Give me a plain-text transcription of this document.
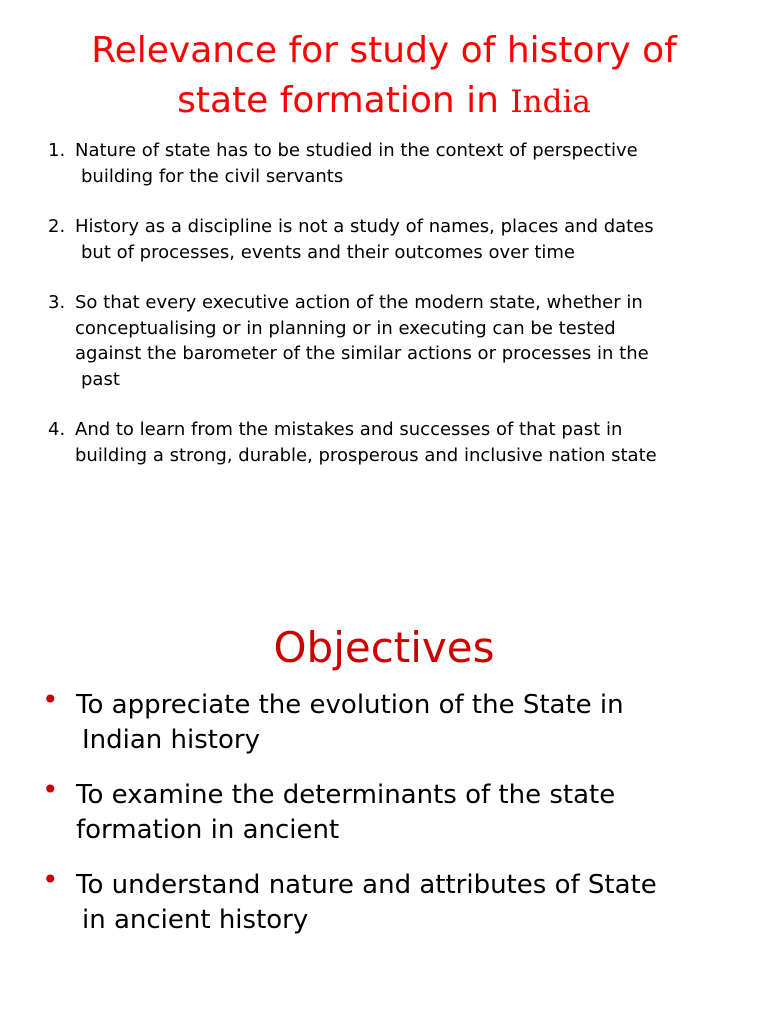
Relevance for study of history of
state formation in India
1. Nature of state has to be studied in the context of perspective
building for the civil servants
2. History as a discipline is not a study of names, places and dates
but of processes, events and their outcomes over time
3. So that every executive action of the modern state, whether in
conceptualising or in planning or in executing can be tested
against the barometer of the similar actions or processes in the
past
4. And to learn from the mistakes and successes of that past in
building a strong, durable, prosperous and inclusive nation state
Objectives
• To appreciate the evolution of the State in
Indian history
• To examine the determinants of the state
formation in ancient
• To understand nature and attributes of State
in ancient history
